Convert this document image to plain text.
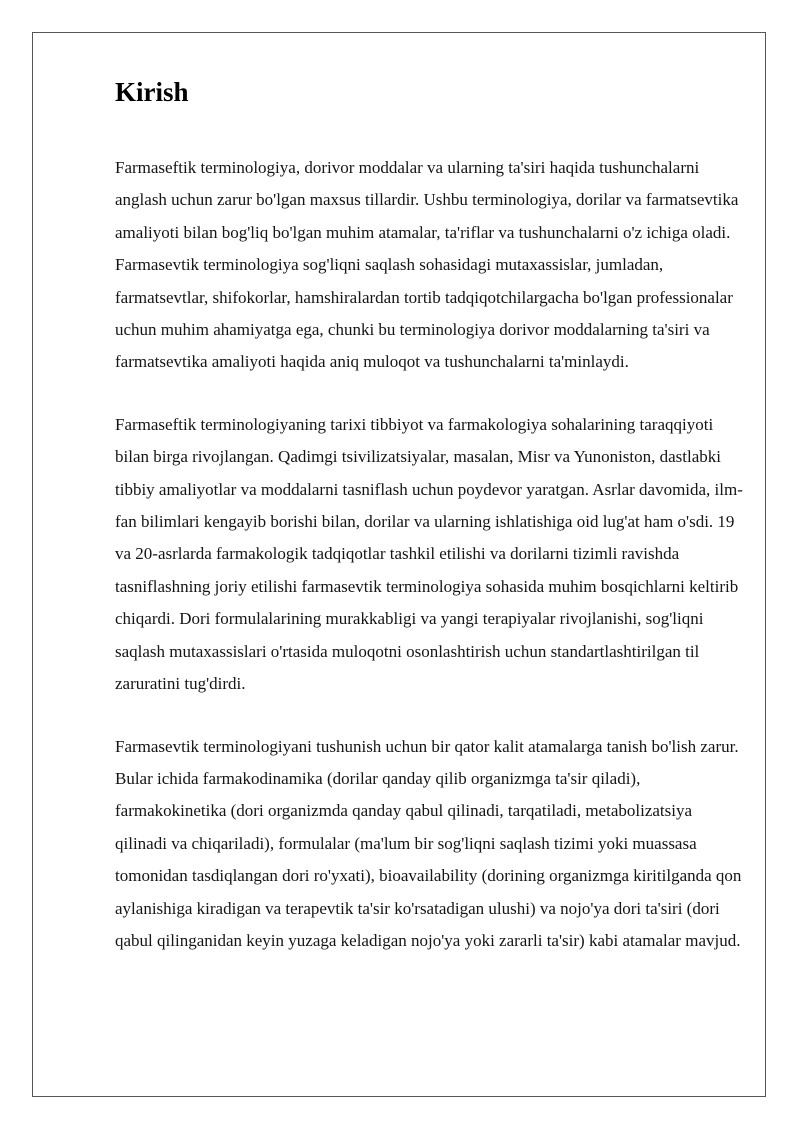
Kirish

Farmaseftik terminologiya, dorivor moddalar va ularning ta'siri haqida tushunchalarni anglash uchun zarur bo'lgan maxsus tillardir. Ushbu terminologiya, dorilar va farmatsevtika amaliyoti bilan bog'liq bo'lgan muhim atamalar, ta'riflar va tushunchalarni o'z ichiga oladi. Farmasevtik terminologiya sog'liqni saqlash sohasidagi mutaxassislar, jumladan, farmatsevtlar, shifokorlar, hamshiralardan tortib tadqiqotchilargacha bo'lgan professionalar uchun muhim ahamiyatga ega, chunki bu terminologiya dorivor moddalarning ta'siri va farmatsevtika amaliyoti haqida aniq muloqot va tushunchalarni ta'minlaydi.

Farmaseftik terminologiyaning tarixi tibbiyot va farmakologiya sohalarining taraqqiyoti bilan birga rivojlangan. Qadimgi tsivilizatsiyalar, masalan, Misr va Yunoniston, dastlabki tibbiy amaliyotlar va moddalarni tasniflash uchun poydevor yaratgan. Asrlar davomida, ilm-fan bilimlari kengayib borishi bilan, dorilar va ularning ishlatishiga oid lug'at ham o'sdi. 19 va 20-asrlarda farmakologik tadqiqotlar tashkil etilishi va dorilarni tizimli ravishda tasniflashning joriy etilishi farmasevtik terminologiya sohasida muhim bosqichlarni keltirib chiqardi. Dori formulalarining murakkabligi va yangi terapiyalar rivojlanishi, sog'liqni saqlash mutaxassislari o'rtasida muloqotni osonlashtirish uchun standartlashtirilgan til zaruratini tug'dirdi.

Farmasevtik terminologiyani tushunish uchun bir qator kalit atamalarga tanish bo'lish zarur. Bular ichida farmakodinamika (dorilar qanday qilib organizmga ta'sir qiladi), farmakokinetika (dori organizmda qanday qabul qilinadi, tarqatiladi, metabolizatsiya qilinadi va chiqariladi), formulalar (ma'lum bir sog'liqni saqlash tizimi yoki muassasa tomonidan tasdiqlangan dori ro'yxati), bioavailability (dorining organizmga kiritilganda qon aylanishiga kiradigan va terapevtik ta'sir ko'rsatadigan ulushi) va nojo'ya dori ta'siri (dori qabul qilinganidan keyin yuzaga keladigan nojo'ya yoki zararli ta'sir) kabi atamalar mavjud.
